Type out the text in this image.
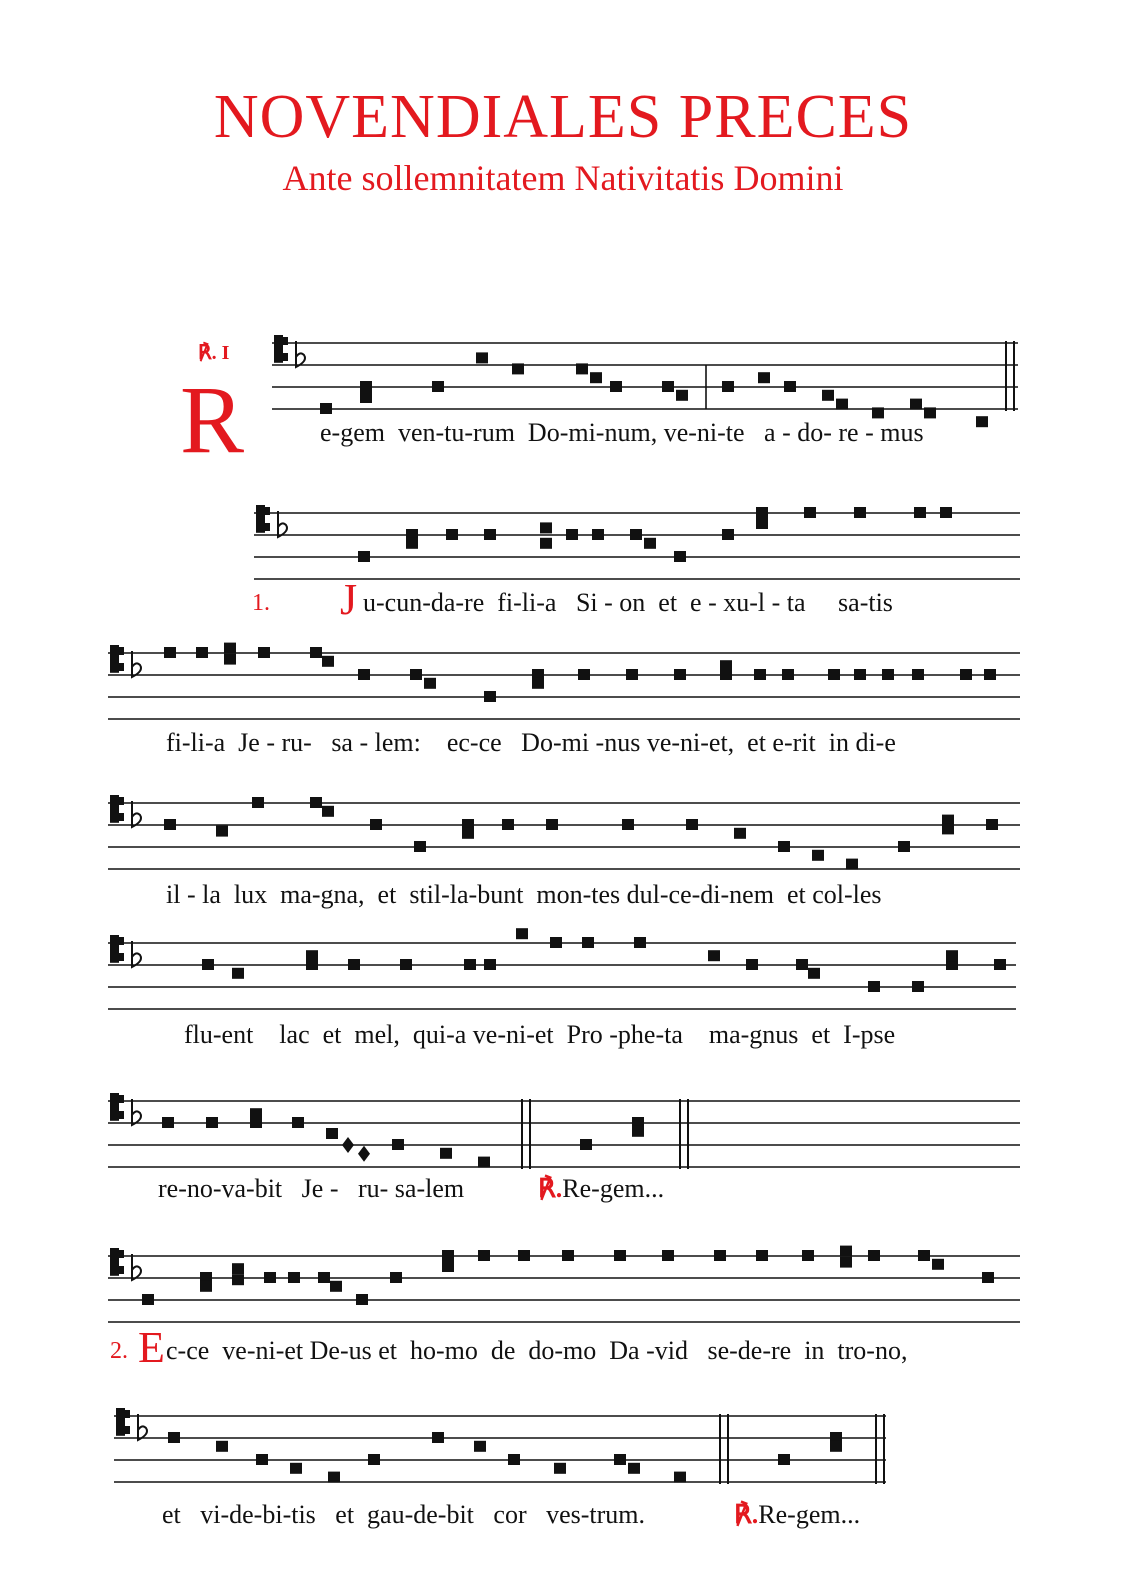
NOVENDIALES PRECES
Ante sollemnitatem Nativitatis Domini
℟. I
R	e-gem  ven-tu-rum  Do-mi-num, ve-ni-te   a - do- re - mus
1. J u-cun-da-re  fi-li-a   Si - on  et  e - xu-l - ta     sa-tis
fi-li-a  Je - ru-   sa - lem:    ec-ce   Do-mi -nus ve-ni-et,  et e-rit  in di-e
il - la  lux  ma-gna,  et  stil-la-bunt  mon-tes dul-ce-di-nem  et col-les
flu-ent    lac  et  mel,  qui-a ve-ni-et  Pro -phe-ta    ma-gnus  et  I-pse
re-no-va-bit   Je -   ru- sa-lem	℟.Re-gem...
2. E c-ce  ve-ni-et De-us et  ho-mo  de  do-mo  Da -vid   se-de-re  in  tro-no,
et   vi-de-bi-tis   et  gau-de-bit   cor   ves-trum.	℟.Re-gem...
